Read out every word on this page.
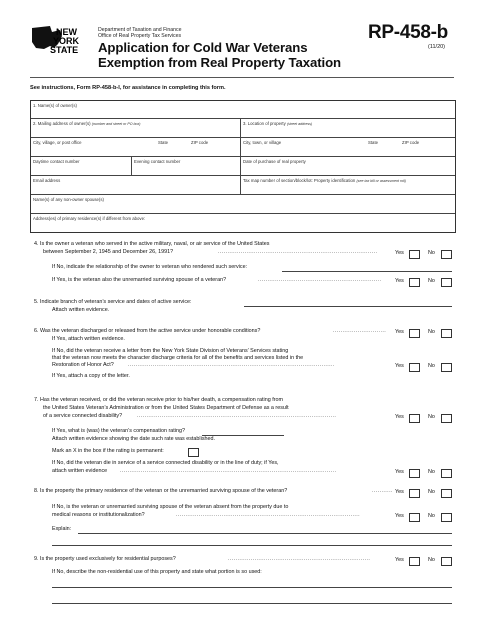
NEW
YORK
STATE
Department of Taxation and Finance
Office of Real Property Tax Services
Application for Cold War Veterans
Exemption from Real Property Taxation
RP-458-b
(11/20)
See instructions, Form RP-458-b-I, for assistance in completing this form.
1. Name(s) of owner(s)
2. Mailing address of owner(s) (number and street or PO box)	3. Location of property (street address)
City, village, or post office	State	ZIP code	City, town, or village	State	ZIP code
Daytime contact number	Evening contact number	Date of purchase of real property
Email address	Tax map number of section/block/lot: Property identification (see tax bill or assessment roll)
Name(s) of any non-owner spouse(s)
Address(es) of primary residence(s) if different from above:
4. Is the owner a veteran who served in the active military, naval, or air service of the United States
between September 2, 1945 and December 26, 1991?	....................................................................................	Yes	No
If No, indicate the relationship of the owner to veteran who rendered such service:
If Yes, is the veteran also the unremarried surviving spouse of a veteran?	.................................................................	Yes	No
5. Indicate branch of veteran’s service and dates of active service:
Attach written evidence.
6. Was the veteran discharged or released from the active service under honorable conditions?	............................	Yes	No
If Yes, attach written evidence.
If No, did the veteran receive a letter from the New York State Division of Veterans’ Services stating
that the veteran now meets the character discharge criteria for all of the benefits and services listed in the
Restoration of Honor Act?	.............................................................................................................	Yes	No
If Yes, attach a copy of the letter.
7. Has the veteran received, or did the veteran receive prior to his/her death, a compensation rating from
the United States Veteran’s Administration or from the United States Department of Defense as a result
of a service connected disability?	.........................................................................................................	Yes	No
If Yes, what is (was) the veteran’s compensation rating?
Attach written evidence showing the date such rate was established.
Mark an X in the box if the rating is permanent:
If No, did the veteran die in service of a service connected disability or in the line of duty; if Yes,
attach written evidence ..................................................................................................................	Yes	No
8. Is the property the primary residence of the veteran or the unremarried surviving spouse of the veteran?	........... Yes	No
If No, is the veteran or unremarried surviving spouse of the veteran absent from the property due to
medical reasons or institutionalization?	.................................................................................................	Yes	No
Explain:
9. Is the property used exclusively for residential purposes?	...........................................................................	Yes	No
If No, describe the non-residential use of this property and state what portion is so used:
